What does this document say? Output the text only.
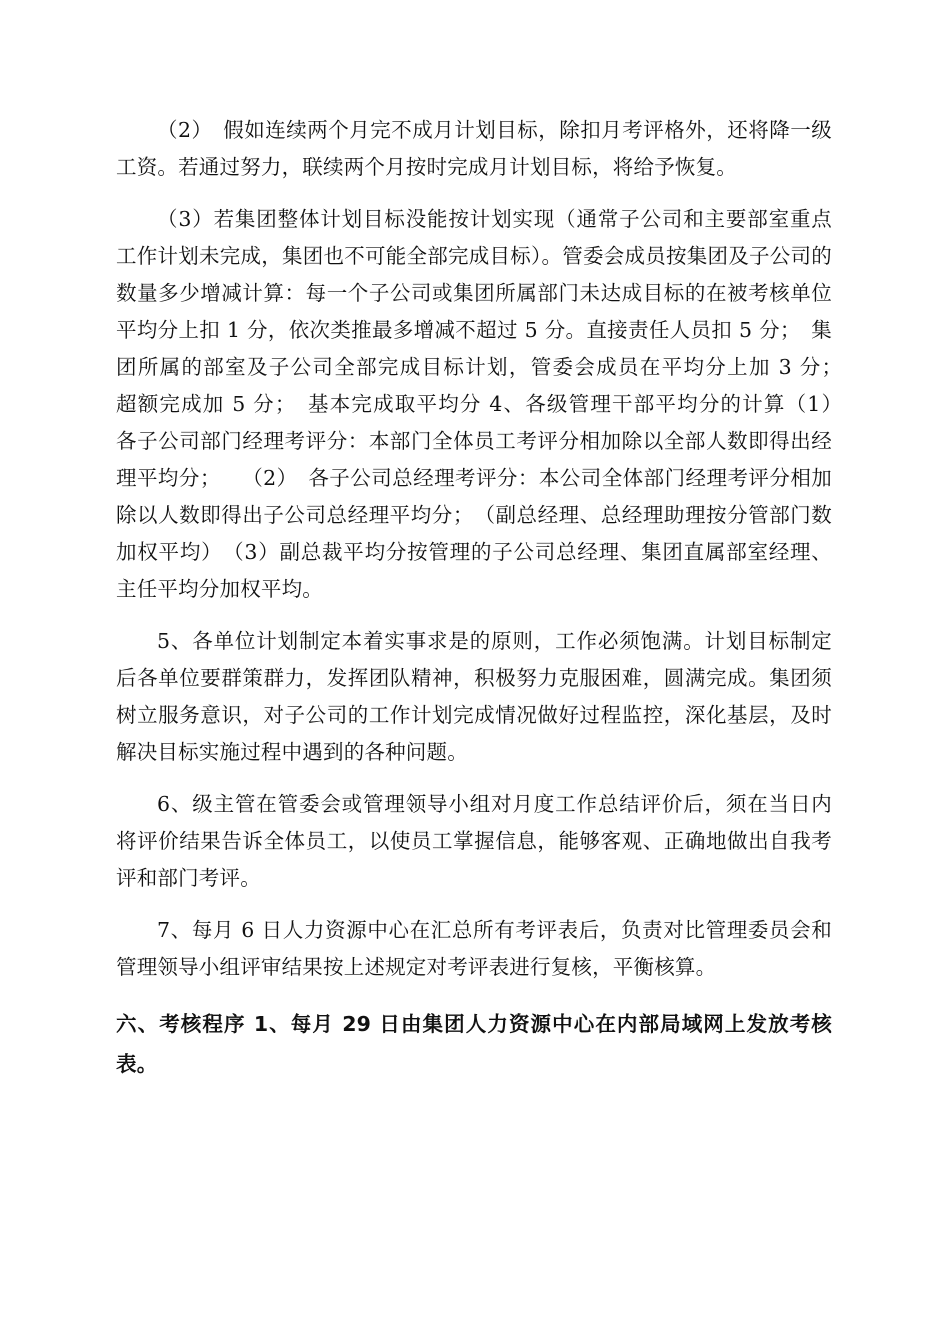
（2）　假如连续两个月完不成月计划目标，除扣月考评格外，还将降一级工资。若通过努力，联续两个月按时完成月计划目标，将给予恢复。

（3）若集团整体计划目标没能按计划实现（通常子公司和主要部室重点工作计划未完成，集团也不可能全部完成目标）。管委会成员按集团及子公司的数量多少增减计算：每一个子公司或集团所属部门未达成目标的在被考核单位平均分上扣 1 分，依次类推最多增减不超过 5 分。直接责任人员扣 5 分；　集团所属的部室及子公司全部完成目标计划，管委会成员在平均分上加 3 分；　超额完成加 5 分；　基本完成取平均分 4、各级管理干部平均分的计算（1）　各子公司部门经理考评分：本部门全体员工考评分相加除以全部人数即得出经理平均分；　　（2）　各子公司总经理考评分：本公司全体部门经理考评分相加除以人数即得出子公司总经理平均分；　（副总经理、总经理助理按分管部门数加权平均）　（3）副总裁平均分按管理的子公司总经理、集团直属部室经理、主任平均分加权平均。

5、各单位计划制定本着实事求是的原则，工作必须饱满。计划目标制定后各单位要群策群力，发挥团队精神，积极努力克服困难，圆满完成。集团须树立服务意识，对子公司的工作计划完成情况做好过程监控，深化基层，及时解决目标实施过程中遇到的各种问题。

6、级主管在管委会或管理领导小组对月度工作总结评价后，须在当日内将评价结果告诉全体员工，以使员工掌握信息，能够客观、正确地做出自我考评和部门考评。

7、每月 6 日人力资源中心在汇总所有考评表后，负责对比管理委员会和管理领导小组评审结果按上述规定对考评表进行复核，平衡核算。

六、考核程序 1、每月 29 日由集团人力资源中心在内部局域网上发放考核表。
